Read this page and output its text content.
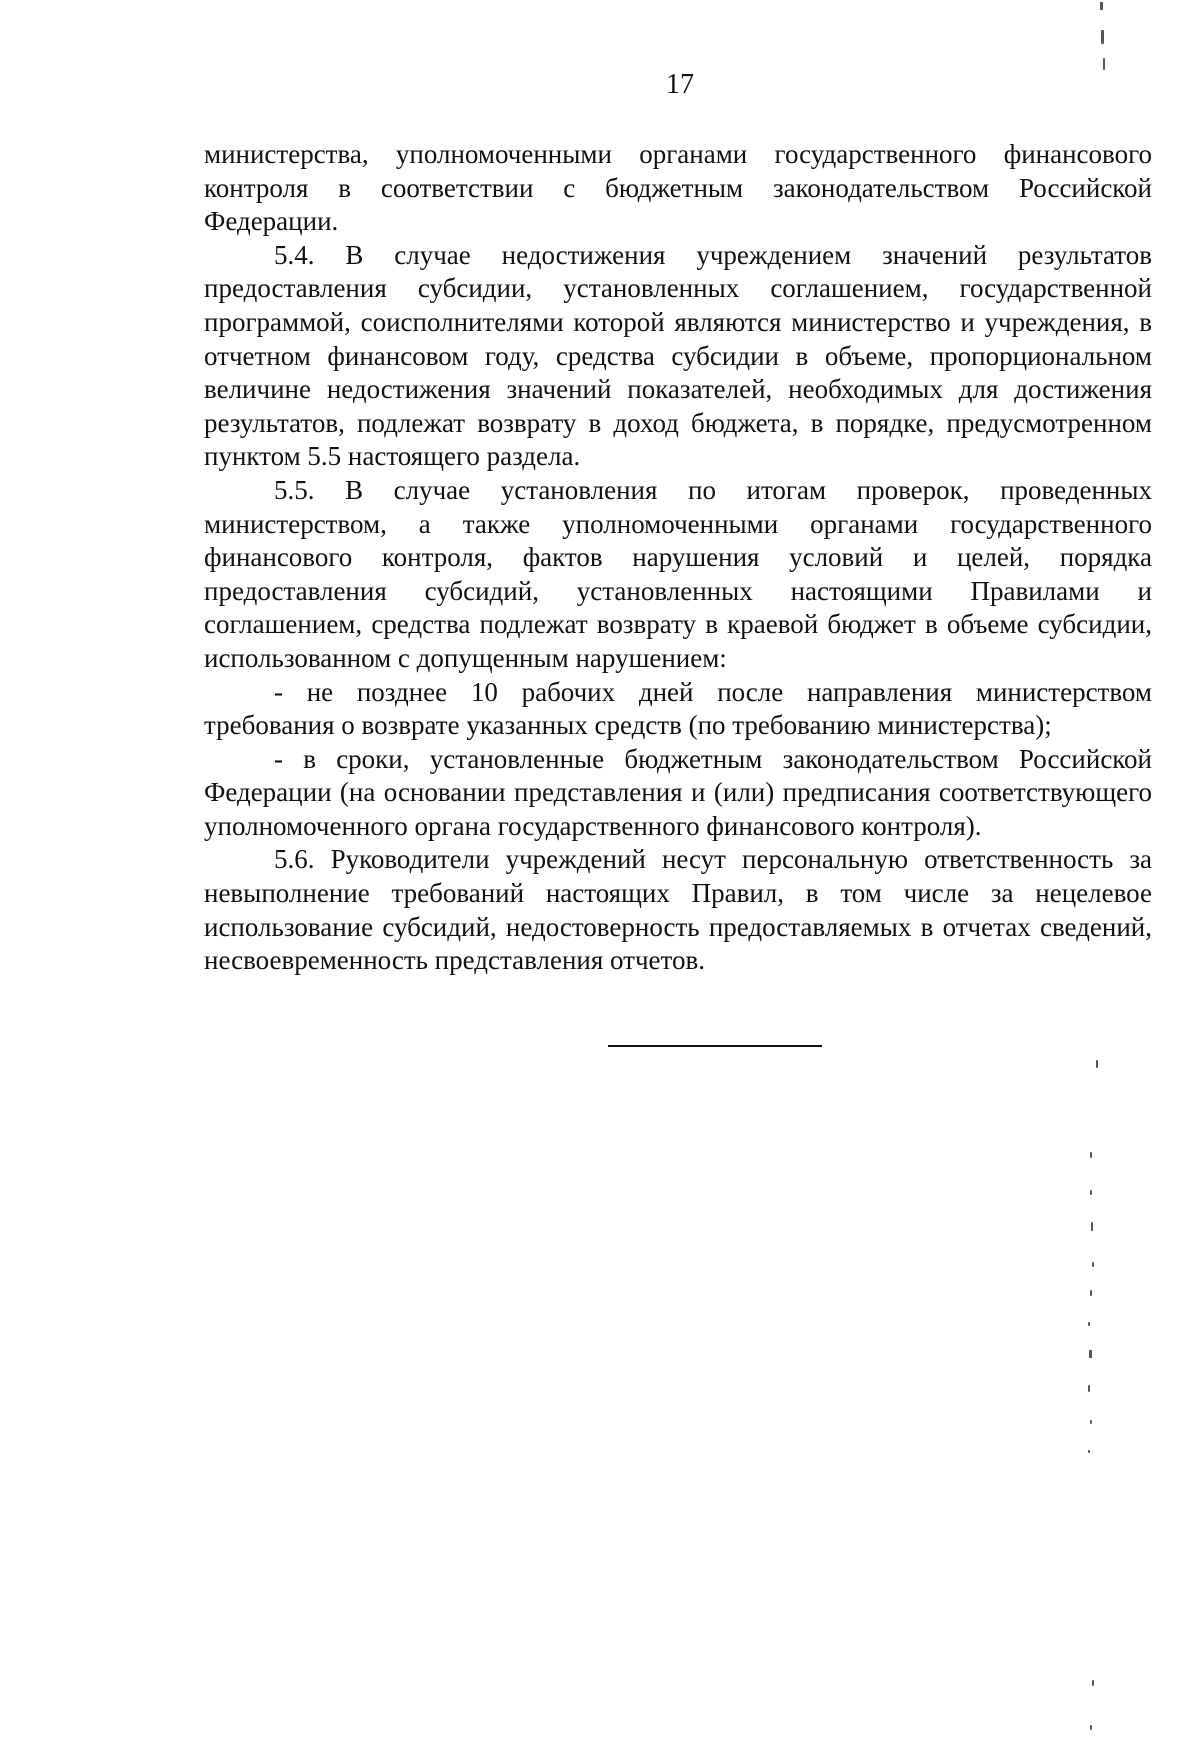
17

министерства, уполномоченными органами государственного финансового контроля в соответствии с бюджетным законодательством Российской Федерации.

5.4. В случае недостижения учреждением значений результатов предоставления субсидии, установленных соглашением, государственной программой, соисполнителями которой являются министерство и учреждения, в отчетном финансовом году, средства субсидии в объеме, пропорциональном величине недостижения значений показателей, необходимых для достижения результатов, подлежат возврату в доход бюджета, в порядке, предусмотренном пунктом 5.5 настоящего раздела.

5.5. В случае установления по итогам проверок, проведенных министерством, а также уполномоченными органами государственного финансового контроля, фактов нарушения условий и целей, порядка предоставления субсидий, установленных настоящими Правилами и соглашением, средства подлежат возврату в краевой бюджет в объеме субсидии, использованном с допущенным нарушением:

- не позднее 10 рабочих дней после направления министерством требования о возврате указанных средств (по требованию министерства);

- в сроки, установленные бюджетным законодательством Российской Федерации (на основании представления и (или) предписания соответствующего уполномоченного органа государственного финансового контроля).

5.6. Руководители учреждений несут персональную ответственность за невыполнение требований настоящих Правил, в том числе за нецелевое использование субсидий, недостоверность предоставляемых в отчетах сведений, несвоевременность представления отчетов.
